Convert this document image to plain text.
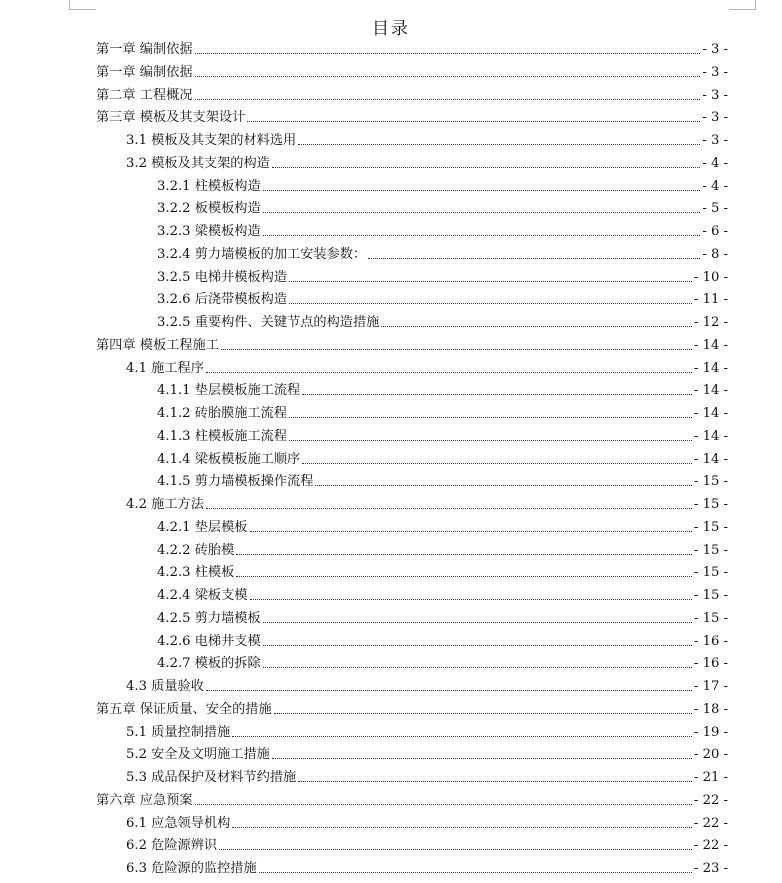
目录
第一章 编制依据	- 3 -
第一章 编制依据	- 3 -
第二章 工程概况	- 3 -
第三章 模板及其支架设计	- 3 -
3.1 模板及其支架的材料选用	- 3 -
3.2 模板及其支架的构造	- 4 -
3.2.1 柱模板构造	- 4 -
3.2.2 板模板构造	- 5 -
3.2.3 梁模板构造	- 6 -
3.2.4 剪力墙模板的加工安装参数：	- 8 -
3.2.5 电梯井模板构造	- 10 -
3.2.6 后浇带模板构造	- 11 -
3.2.5 重要构件、关键节点的构造措施	- 12 -
第四章 模板工程施工	- 14 -
4.1 施工程序	- 14 -
4.1.1 垫层模板施工流程	- 14 -
4.1.2 砖胎膜施工流程	- 14 -
4.1.3 柱模板施工流程	- 14 -
4.1.4 梁板模板施工顺序	- 14 -
4.1.5 剪力墙模板操作流程	- 15 -
4.2 施工方法	- 15 -
4.2.1 垫层模板	- 15 -
4.2.2 砖胎模	- 15 -
4.2.3 柱模板	- 15 -
4.2.4 梁板支模	- 15 -
4.2.5 剪力墙模板	- 15 -
4.2.6 电梯井支模	- 16 -
4.2.7 模板的拆除	- 16 -
4.3 质量验收	- 17 -
第五章 保证质量、安全的措施	- 18 -
5.1 质量控制措施	- 19 -
5.2 安全及文明施工措施	- 20 -
5.3 成品保护及材料节约措施	- 21 -
第六章 应急预案	- 22 -
6.1 应急领导机构	- 22 -
6.2 危险源辨识	- 22 -
6.3 危险源的监控措施	- 23 -
